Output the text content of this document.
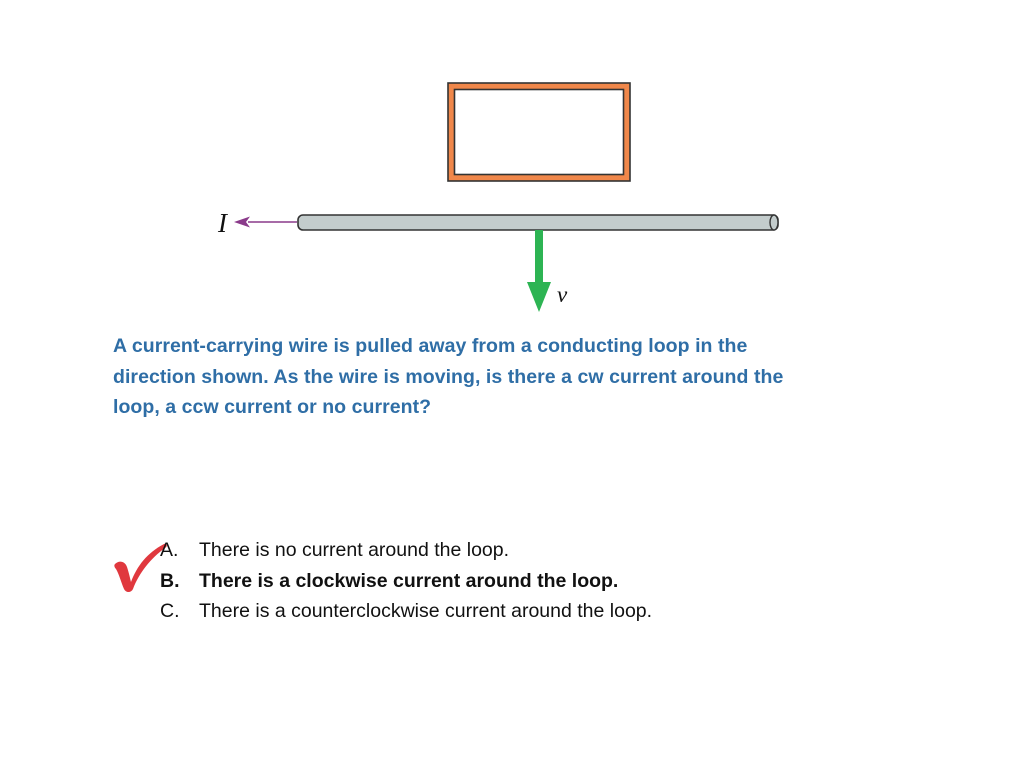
I
v

A current-carrying wire is pulled away from a conducting loop in the direction shown. As the wire is moving, is there a cw current around the loop, a ccw current or no current?

A. There is no current around the loop.
B. There is a clockwise current around the loop.
C. There is a counterclockwise current around the loop.
